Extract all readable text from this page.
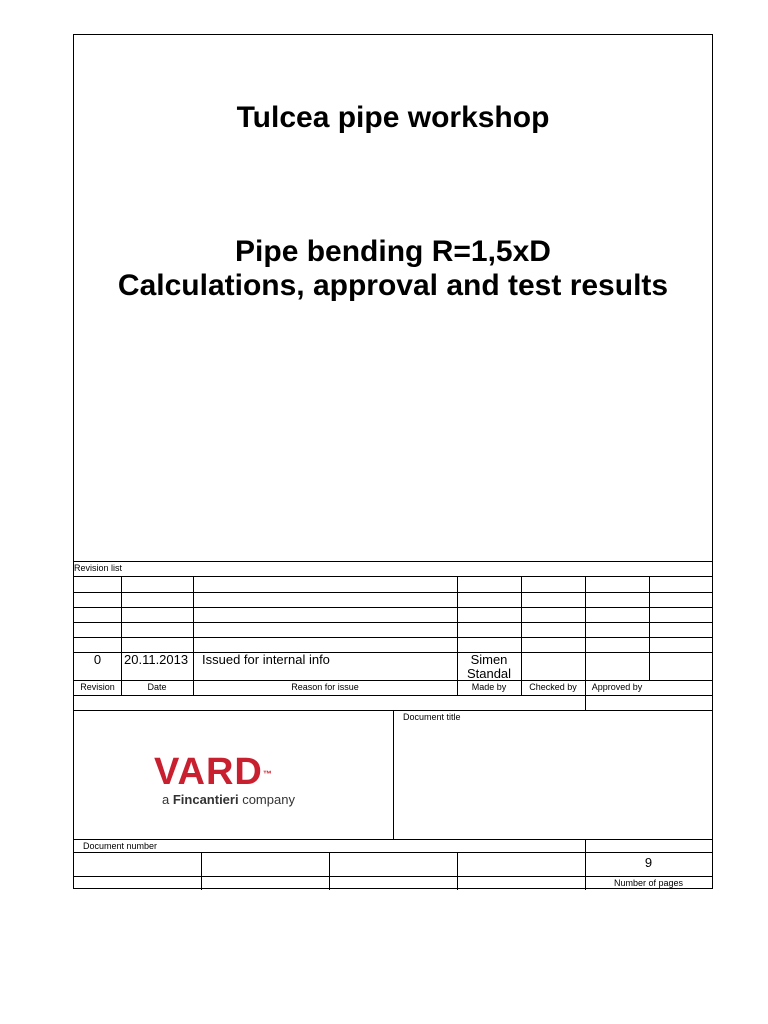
Tulcea pipe workshop
Pipe bending R=1,5xD
Calculations, approval and test results
Revision list
0	20.11.2013 Issued for internal info	Simen
Standal
Revision	Date	Reason for issue	Made by	Checked by	Approved by
Document title
VARD ™
a Fincantieri company
Document number
9
Number of pages
